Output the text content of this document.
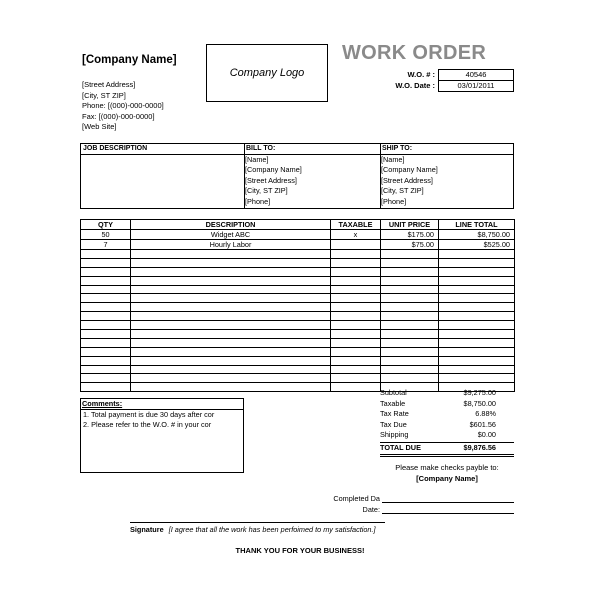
[Company Name]
[Street Address]
[City, ST ZIP]
Phone: [(000)-000-0000]
Fax: [(000)-000-0000]
[Web Site]
Company Logo
WORK ORDER
W.O. # :	40546
W.O. Date :	03/01/2011
JOB DESCRIPTION	BILL TO:	SHIP TO:
[Name]
[Company Name]
[Street Address]
[City, ST ZIP]
[Phone]
[Name]
[Company Name]
[Street Address]
[City, ST ZIP]
[Phone]
QTY	DESCRIPTION	TAXABLE	UNIT PRICE	LINE TOTAL
50	Widget ABC	x	$175.00	$8,750.00
7	Hourly Labor		$75.00	$525.00

Subtotal	$9,275.00
Taxable	$8,750.00
Tax Rate	6.88%
Tax Due	$601.56
Shipping	$0.00
TOTAL DUE	$9,876.56
Comments:
1. Total payment is due 30 days after cor
2. Please refer to the W.O. # in your cor
Please make checks payble to:
[Company Name]
Completed Da
Date:
Signature [I agree that all the work has been perfoimed to my satisfaction.]
THANK YOU FOR YOUR BUSINESS!
